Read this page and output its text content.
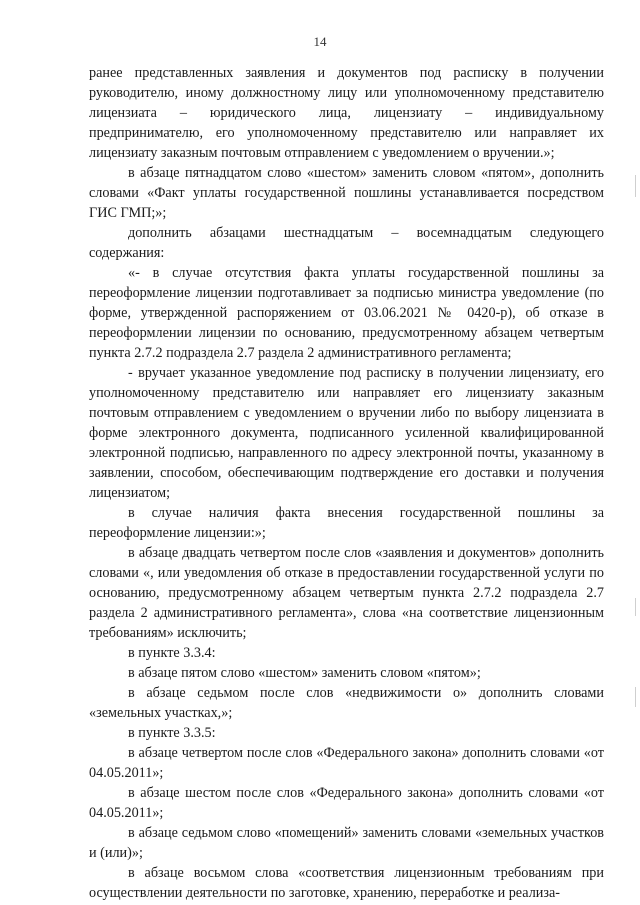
14

ранее представленных заявления и документов под расписку в получении руководителю, иному должностному лицу или уполномоченному представителю лицензиата – юридического лица, лицензиату – индивидуальному предпринимателю, его уполномоченному представителю или направляет их лицензиату заказным почтовым отправлением с уведомлением о вручении.»;

в абзаце пятнадцатом слово «шестом» заменить словом «пятом», дополнить словами «Факт уплаты государственной пошлины устанавливается посредством ГИС ГМП;»;

дополнить абзацами шестнадцатым – восемнадцатым следующего содержания:

«- в случае отсутствия факта уплаты государственной пошлины за переоформление лицензии подготавливает за подписью министра уведомление (по форме, утвержденной распоряжением от 03.06.2021 № 0420-р), об отказе в переоформлении лицензии по основанию, предусмотренному абзацем четвертым пункта 2.7.2 подраздела 2.7 раздела 2 административного регламента;

- вручает указанное уведомление под расписку в получении лицензиату, его уполномоченному представителю или направляет его лицензиату заказным почтовым отправлением с уведомлением о вручении либо по выбору лицензиата в форме электронного документа, подписанного усиленной квалифицированной электронной подписью, направленного по адресу электронной почты, указанному в заявлении, способом, обеспечивающим подтверждение его доставки и получения лицензиатом;

в случае наличия факта внесения государственной пошлины за переоформление лицензии:»;

в абзаце двадцать четвертом после слов «заявления и документов» дополнить словами «, или уведомления об отказе в предоставлении государственной услуги по основанию, предусмотренному абзацем четвертым пункта 2.7.2 подраздела 2.7 раздела 2 административного регламента», слова «на соответствие лицензионным требованиям» исключить;

в пункте 3.3.4:

в абзаце пятом слово «шестом» заменить словом «пятом»;

в абзаце седьмом после слов «недвижимости о» дополнить словами «земельных участках,»;

в пункте 3.3.5:

в абзаце четвертом после слов «Федерального закона» дополнить словами «от 04.05.2011»;

в абзаце шестом после слов «Федерального закона» дополнить словами «от 04.05.2011»;

в абзаце седьмом слово «помещений» заменить словами «земельных участков и (или)»;

в абзаце восьмом слова «соответствия лицензионным требованиям при осуществлении деятельности по заготовке, хранению, переработке и реализа-
